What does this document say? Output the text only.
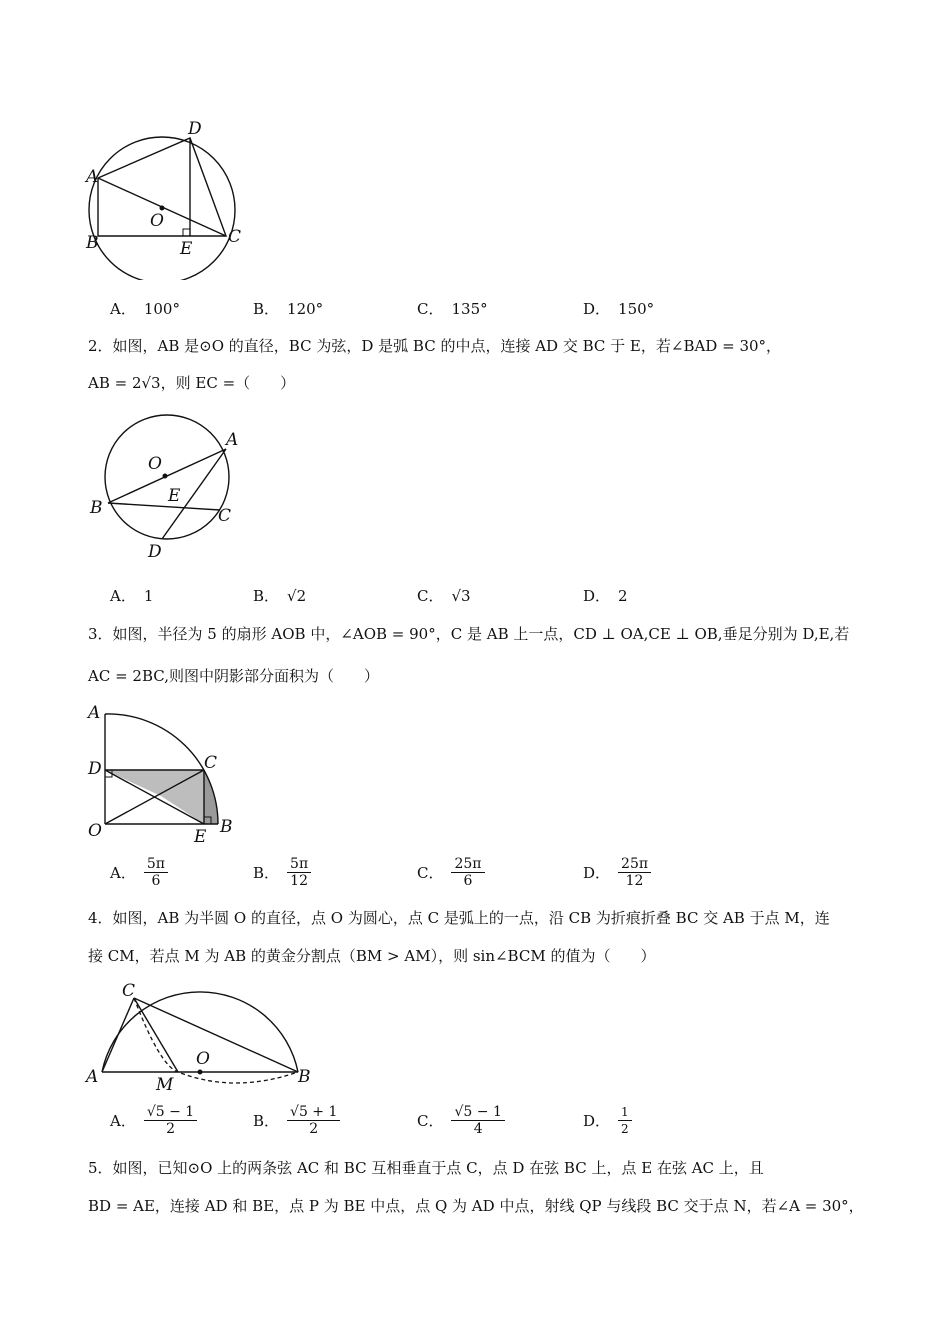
D
A
O
B	E
C
A． 100°	B． 120°	C． 135°	D． 150°
2．如图，AB 是⊙O 的直径，BC 为弦，D 是弧 BC 的中点，连接 AD 交 BC 于 E，若∠BAD = 30°，
AB = 2√3，则 EC =（　　）
A
O
E
B	C
D
A． 1	B． √2	C． √3	D． 2
3．如图，半径为 5 的扇形 AOB 中，∠AOB = 90°，C 是 AB 上一点，CD ⊥ OA,CE ⊥ OB,垂足分别为 D,E,若
AC = 2BC,则图中阴影部分面积为（　　）
A
D	C
O	E B
A． $\frac{5\pi}{6}$	B． $\frac{5\pi}{12}$	C． $\frac{25\pi}{6}$	D． $\frac{25\pi}{12}$
4．如图，AB 为半圆 O 的直径，点 O 为圆心，点 C 是弧上的一点，沿 CB 为折痕折叠 BC 交 AB 于点 M，连
接 CM，若点 M 为 AB 的黄金分割点（BM > AM），则 sin∠BCM 的值为（　　）
C
O
A	M	B
A． $\frac{√5 - 1}{2}$	B． $\frac{√5 + 1}{2}$	C． $\frac{√5 - 1}{4}$	D． $\frac{1}{2}$
5．如图，已知⊙O 上的两条弦 AC 和 BC 互相垂直于点 C，点 D 在弦 BC 上，点 E 在弦 AC 上，且
BD = AE，连接 AD 和 BE，点 P 为 BE 中点，点 Q 为 AD 中点，射线 QP 与线段 BC 交于点 N，若∠A = 30°，
